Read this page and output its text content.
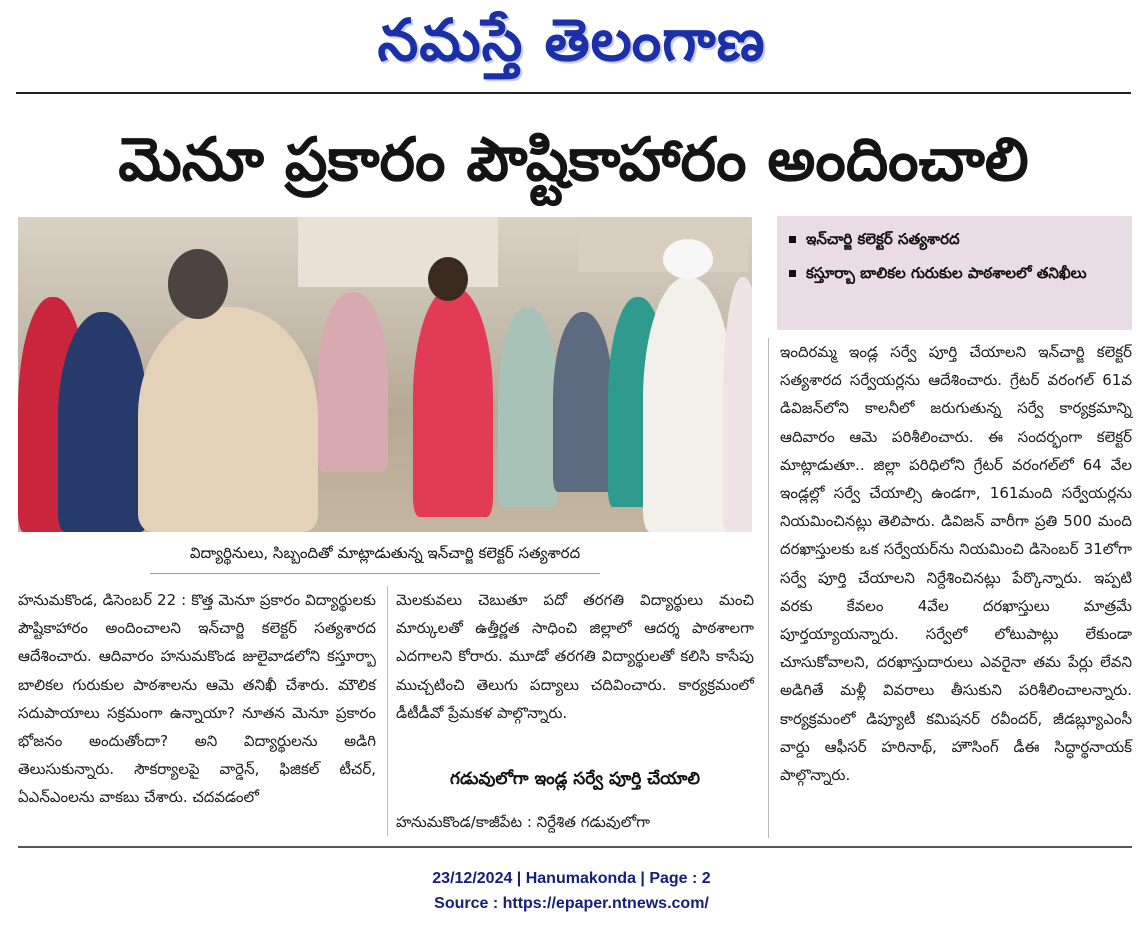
నమస్తే తెలంగాణ
మెనూ ప్రకారం పౌష్టికాహారం అందించాలి
విద్యార్థినులు, సిబ్బందితో మాట్లాడుతున్న ఇన్‌చార్జి కలెక్టర్ సత్యశారద
ఇన్‌చార్జి కలెక్టర్ సత్యశారద
కస్తూర్బా బాలికల గురుకుల పాఠశాలలో తనిఖీలు

హనుమకొండ, డిసెంబర్ 22 : కొత్త మెనూ ప్రకారం విద్యార్థులకు పౌష్టికాహారం అందించాలని ఇన్‌చార్జి కలెక్టర్ సత్యశారద ఆదేశించారు. ఆదివారం హనుమకొండ జులైవాడలోని కస్తూర్బా బాలికల గురుకుల పాఠశాలను ఆమె తనిఖీ చేశారు. మౌలిక సదుపాయాలు సక్రమంగా ఉన్నాయా? నూతన మెనూ ప్రకారం భోజనం అందుతోందా? అని విద్యార్థులను అడిగి తెలుసుకున్నారు. సౌకర్యాలపై వార్డెన్, ఫిజికల్ టీచర్, ఏఎన్ఎంలను వాకబు చేశారు. చదవడంలో

మెలకువలు చెబుతూ పదో తరగతి విద్యార్థులు మంచి మార్కులతో ఉత్తీర్ణత సాధించి జిల్లాలో ఆదర్శ పాఠశాలగా ఎదగాలని కోరారు. మూడో తరగతి విద్యార్థులతో కలిసి కాసేపు ముచ్చటించి తెలుగు పద్యాలు చదివించారు. కార్యక్రమంలో డీటీడీవో ప్రేమకళ పాల్గొన్నారు.

గడువులోగా ఇండ్ల సర్వే పూర్తి చేయాలి

హనుమకొండ/కాజీపేట : నిర్దేశిత గడువులోగా

ఇందిరమ్మ ఇండ్ల సర్వే పూర్తి చేయాలని ఇన్‌చార్జి కలెక్టర్ సత్యశారద సర్వేయర్లను ఆదేశించారు. గ్రేటర్ వరంగల్ 61వ డివిజన్‌లోని కాలనీలో జరుగుతున్న సర్వే కార్యక్రమాన్ని ఆదివారం ఆమె పరిశీలించారు. ఈ సందర్భంగా కలెక్టర్ మాట్లాడుతూ.. జిల్లా పరిధిలోని గ్రేటర్ వరంగల్‌లో 64 వేల ఇండ్లల్లో సర్వే చేయాల్సి ఉండగా, 161మంది సర్వేయర్లను నియమించినట్లు తెలిపారు. డివిజన్ వారీగా ప్రతి 500 మంది దరఖాస్తులకు ఒక సర్వేయర్‌ను నియమించి డిసెంబర్ 31లోగా సర్వే పూర్తి చేయాలని నిర్దేశించినట్లు పేర్కొన్నారు. ఇప్పటి వరకు కేవలం 4వేల దరఖాస్తులు మాత్రమే పూర్తయ్యాయన్నారు. సర్వేలో లోటుపాట్లు లేకుండా చూసుకోవాలని, దరఖాస్తుదారులు ఎవరైనా తమ పేర్లు లేవని అడిగితే మళ్లీ వివరాలు తీసుకుని పరిశీలించాలన్నారు. కార్యక్రమంలో డిప్యూటీ కమిషనర్ రవీందర్, జీడబ్ల్యూఎంసీ వార్డు ఆఫీసర్ హరినాథ్, హౌసింగ్ డీఈ సిద్ధార్థనాయక్ పాల్గొన్నారు.

23/12/2024 | Hanumakonda | Page : 2
Source : https://epaper.ntnews.com/
